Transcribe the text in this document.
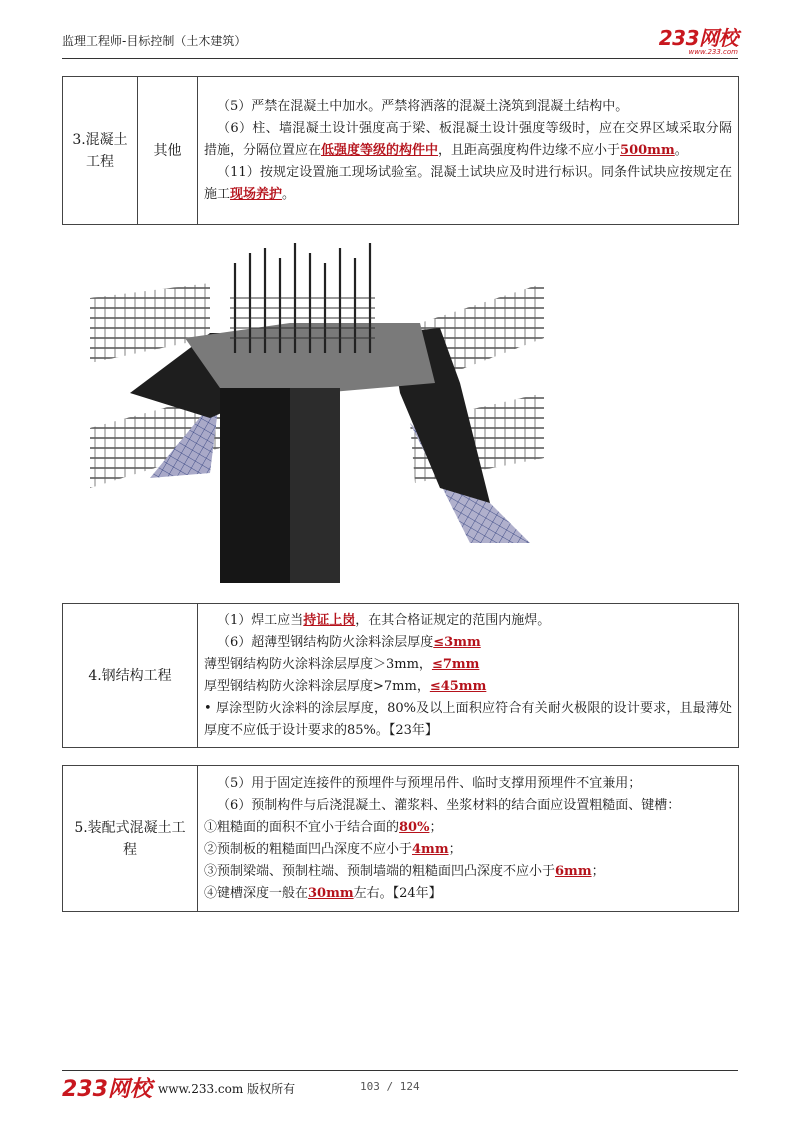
监理工程师-目标控制（土木建筑）	233网校
www.233.com
3.混凝土工程	其他	

（5）严禁在混凝土中加水。严禁将洒落的混凝土浇筑到混凝土结构中。

（6）柱、墙混凝土设计强度高于梁、板混凝土设计强度等级时，应在交界区域采取分隔措施，分隔位置应在低强度等级的构件中，且距高强度构件边缘不应小于500mm。

（11）按规定设置施工现场试验室。混凝土试块应及时进行标识。同条件试块应按规定在施工现场养护。

4.钢结构工程	

（1）焊工应当持证上岗，在其合格证规定的范围内施焊。

（6）超薄型钢结构防火涂料涂层厚度≤3mm

薄型钢结构防火涂料涂层厚度＞3mm，≤7mm

厚型钢结构防火涂料涂层厚度>7mm，≤45mm

• 厚涂型防火涂料的涂层厚度，80%及以上面积应符合有关耐火极限的设计要求，且最薄处厚度不应低于设计要求的85%。【23年】

5.装配式混凝土工程	

（5）用于固定连接件的预埋件与预埋吊件、临时支撑用预埋件不宜兼用；

（6）预制构件与后浇混凝土、灌浆料、坐浆材料的结合面应设置粗糙面、键槽：

①粗糙面的面积不宜小于结合面的80%；

②预制板的粗糙面凹凸深度不应小于4mm；

③预制梁端、预制柱端、预制墙端的粗糙面凹凸深度不应小于6mm；

④键槽深度一般在30mm左右。【24年】

233网校 www.233.com 版权所有	103 / 124
